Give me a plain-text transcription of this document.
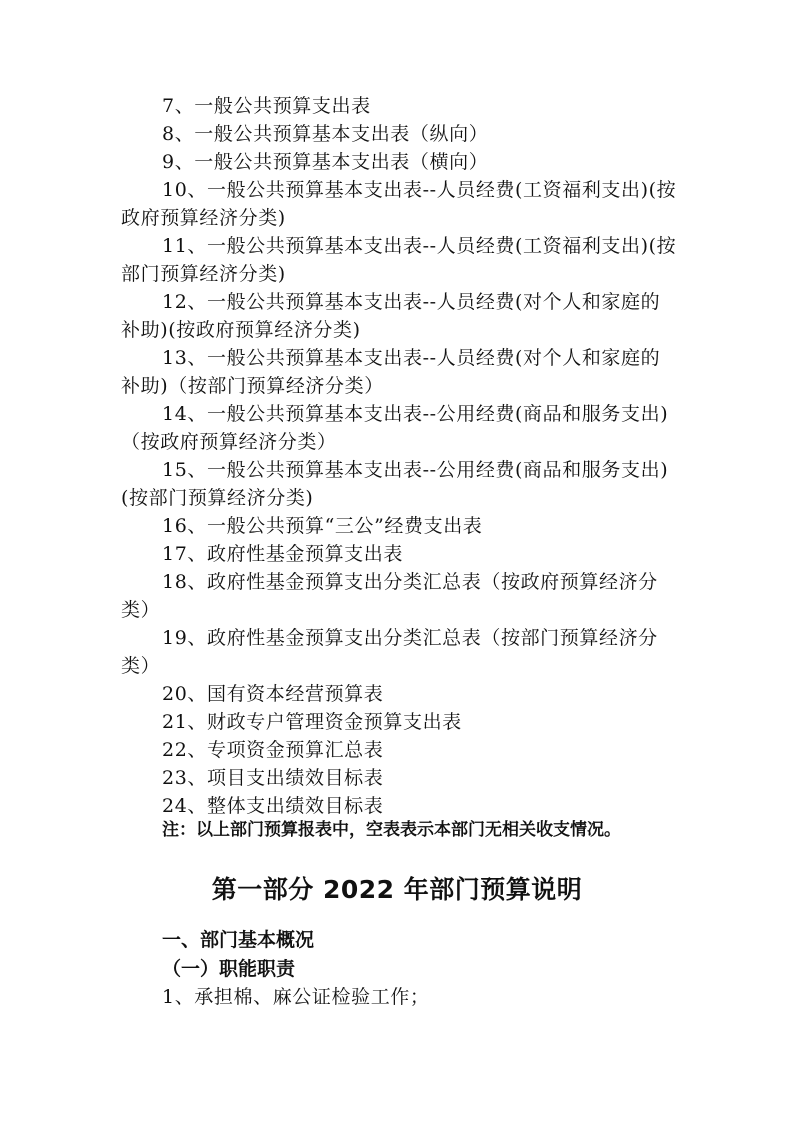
7、一般公共预算支出表
8、一般公共预算基本支出表（纵向）
9、一般公共预算基本支出表（横向）
10、一般公共预算基本支出表--人员经费(工资福利支出)(按政府预算经济分类)
11、一般公共预算基本支出表--人员经费(工资福利支出)(按部门预算经济分类)
12、一般公共预算基本支出表--人员经费(对个人和家庭的补助)(按政府预算经济分类)
13、一般公共预算基本支出表--人员经费(对个人和家庭的补助)（按部门预算经济分类）
14、一般公共预算基本支出表--公用经费(商品和服务支出)（按政府预算经济分类）
15、一般公共预算基本支出表--公用经费(商品和服务支出)(按部门预算经济分类)
16、一般公共预算“三公”经费支出表
17、政府性基金预算支出表
18、政府性基金预算支出分类汇总表（按政府预算经济分类）
19、政府性基金预算支出分类汇总表（按部门预算经济分类）
20、国有资本经营预算表
21、财政专户管理资金预算支出表
22、专项资金预算汇总表
23、项目支出绩效目标表
24、整体支出绩效目标表
注：以上部门预算报表中，空表表示本部门无相关收支情况。
第一部分 2022 年部门预算说明
一、部门基本概况
（一）职能职责
1、承担棉、麻公证检验工作；
